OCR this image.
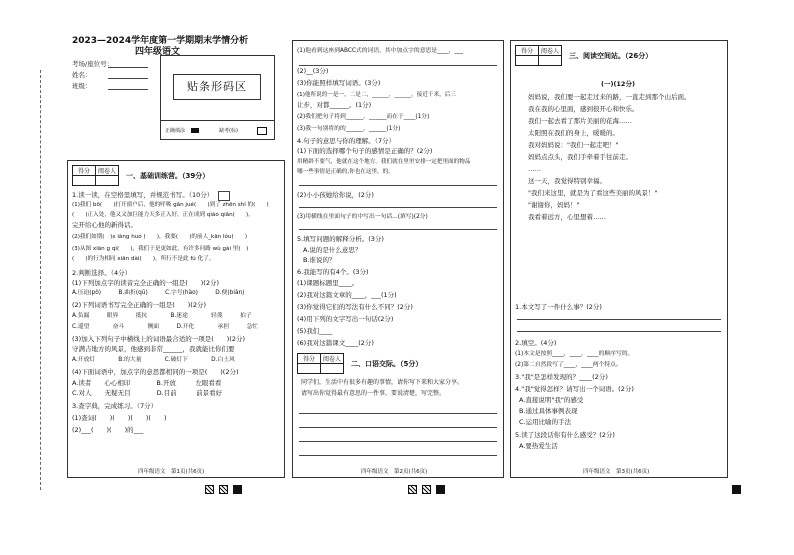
2023—2024学年度第一学期期末学情分析
四年级语文
考场/座位号：
姓名：
班级：	贴条形码区
正确填涂	缺考(标)
得分	阅卷人

一、基础训练营。（39分）
1.读一读，在空格里填写，并规范书写。（10分）
(1)我们 bō(　　)打开窗户后，他的呼吸 gǎn jué(　　)到了 zhēn shí 的(　　)
(　　)正入处，他又又加巨能力天多正入好，正在成到 qiáo qiān(　　)。
完开给心他的新得话。
(2)我们如期(　)x iāng huó (　　)，我要(　　)的前人_kān lóu(　　)
(3)从图 xiān ɡ qì(　　)，我们于是更如此，有许多问路 wù ɡài 里(　)
(　　)的行为相同 xiān dài(　　)。所行不是此 fú 化了。
2.判断选择。（4分）
(1)下列加点字的读音完全正确的一组是(　　)(2分)
A.压迫(pò)　　　B.曲折(qū)　　　C.字号(hào)　　　D.便(biàn)
(2)下列词语书写完全正确的一组是(　　)(2分)
A.负漏　　　眼界　　　抵抗　　　　B.迷途　　　　轻蔑　　　拍子
C.遥望　　　　奋斗　　　　侧面　　　D.开化　　　　承担　　　急忙
(3)加入下列句子中横线上的词语最合适的一项是(　　)(2分)
守满吉地方的风景，他感到非常______，我就能比你们要
A.开放灯　　　　B.的大量　　　　C.破灯下　　　　D.白土风
(4)下面词语中，加点字的意思都相同的一项是(　　)(2分)
A.读者　　心心相印　　　　B.开放　　　左眼看看
C.对人　　无疑无目　　　　D.目前　　　前景看好
3.查字典，完成练习。（7分）
(1)查词(　　)(　　)(　　)(　　)
(2)___(　　)(　　)的___
四年级语文　第1页(共6页)
(1)他看到这座到ABCC式的词语，其中加点字的意思是____，___
(2)__(3分)
(3)你能照样填写词语。(3分)
(1)他所说的一是一，二是二，______，______，接近千米，后三
让步，对都______。(1分)
(2)我们把句子将到______，______而在于____(1分)
(3)我一句别将的的______，______(1分)
4.句子的意思与你的理解。（7分）
(1)下面的选择哪个句子的感情是正确的？(2分)
用精辟不要气，他就在这个地方。我们就在里里安排一定把里面的物品
哪一些事情是正确的,你也在这里。的。
(2)小小孩她给你说，(2分)
(3)用横线在里面句子的中写出一句话...(填写)(2分)
5.填写问题的解释分析。(3分)
A.说的是什么意思？
B.谁说的？
6.我能写的有4个。(3分)
(1)课题标题里____。
(2)我对这篇文章的____，___(1分)
(3)你觉得它们的写法有什么不同？(2分)
(4)用下列的文字写出一句话(2分)
(5)我们____
(6)我对这篇课文____(2分)
得分	阅卷人

二、口语交际。（5分）
同学们，生活中有很多有趣的事情，请你写下来和大家分享。
请写出你觉得最有意思的一件事，要说清楚，写完整。
四年级语文　第2页(共6页)
得分	阅卷人

三、阅读空间站。（26分）
(一)(12分)
　　妈妈说，我们要一起走过来的路，一直走到那个山后面。
　　我在我的心里面，感到很开心和快乐。
　　我们一起去看了那片美丽的花海……
　　太阳照在我们的身上，暖暖的。
　　我对妈妈说："我们一起走吧！"
　　妈妈点点头，我们手牵着手往前走。
　　……
　　这一天，我觉得特别幸福。
　　"我们来这里，就是为了看这些美丽的风景！"
　　"谢谢你，妈妈！"
　　我看着远方，心里想着……
1.本文写了一件什么事？(2分)
2.填空。(4分)
(1)本文是按照____，____，____的顺序写的。
(2)第二自然段写了____，____两个特点。
3."我"是怎样发现的？____(2分)
4."我"觉得怎样？请写出一个词语。(2分)
A.直接说明"我"的感受
B.通过具体事例表现
C.运用比喻的手法
5.读了这段话你有什么感受？(2分)
A.要热爱生活
四年级语文　第3页(共6页)
